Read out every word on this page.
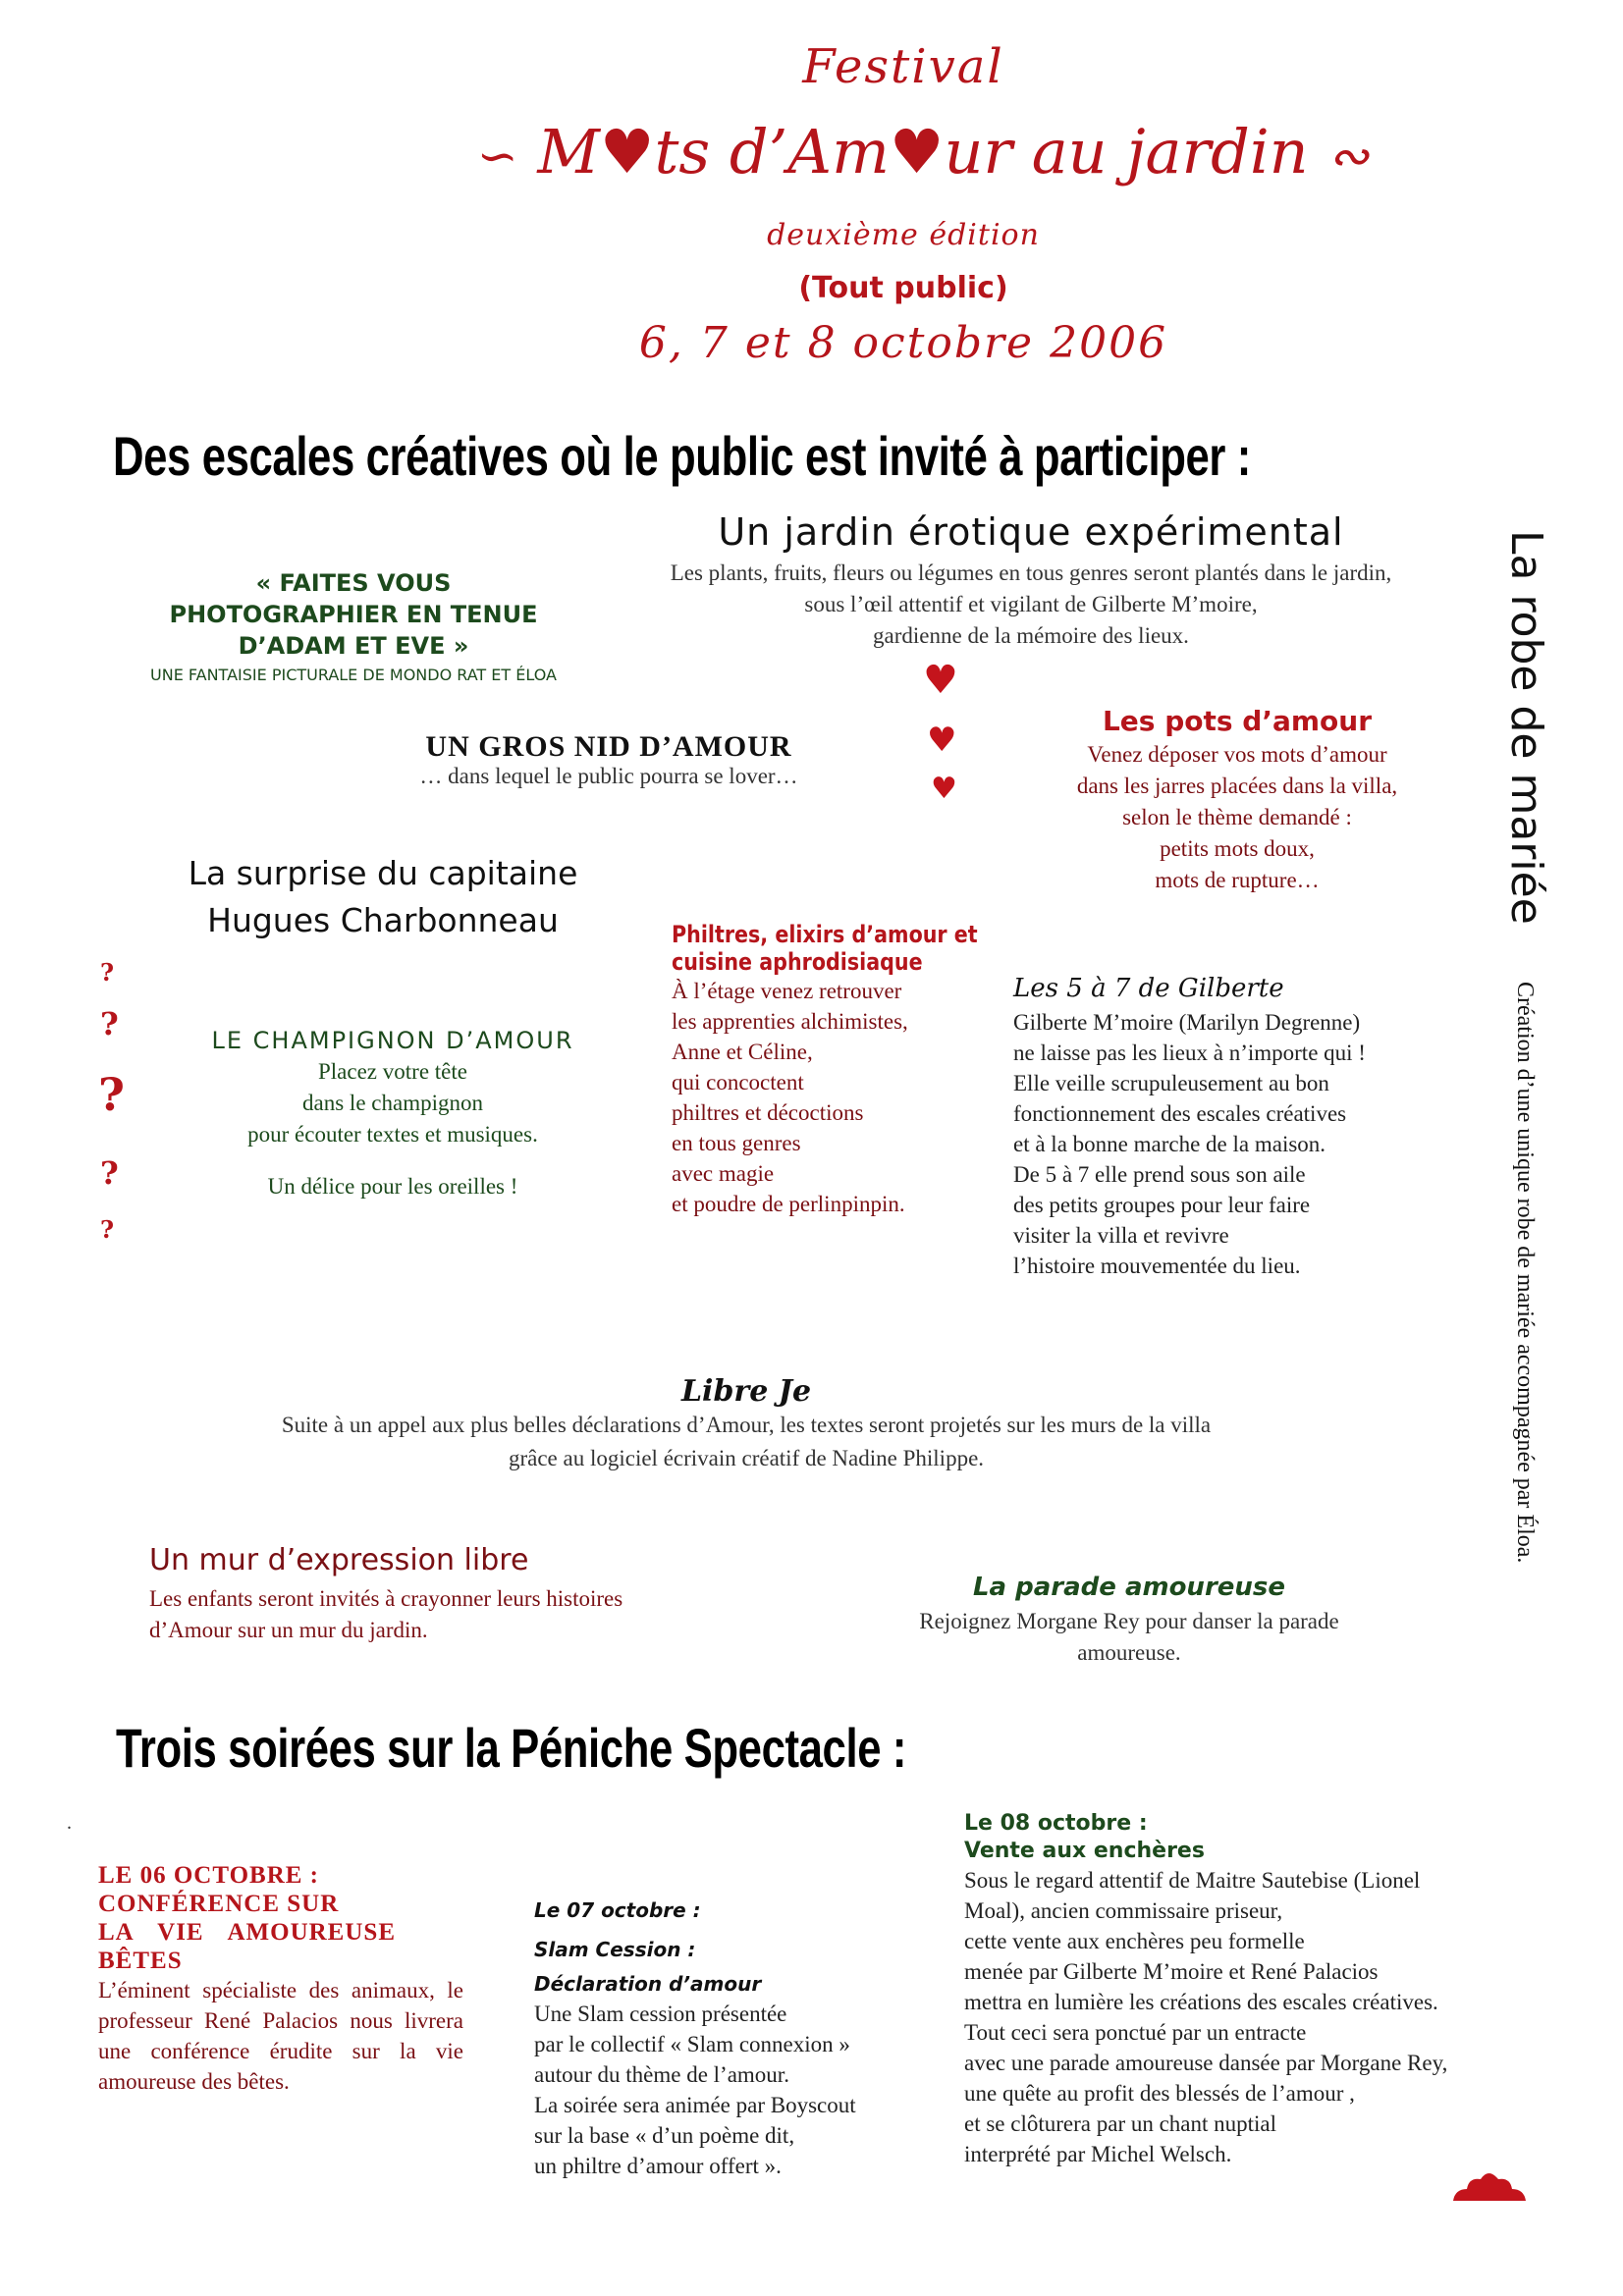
Festival
∽ M♥ts d’Am♥ur au jardin ∾
deuxième édition
(Tout public)
6, 7 et 8 octobre 2006
Des escales créatives où le public est invité à participer :
Un jardin érotique expérimental
Les plants, fruits, fleurs ou légumes en tous genres seront plantés dans le jardin,
sous l’œil attentif et vigilant de Gilberte M’moire,
gardienne de la mémoire des lieux.
« FAITES VOUS
PHOTOGRAPHIER EN TENUE
D’ADAM ET EVE »
UNE FANTAISIE PICTURALE DE MONDO RAT ET ÉLOA	♥
♥
♥
UN GROS NID D’AMOUR
… dans lequel le public pourra se lover…
Les pots d’amour
Venez déposer vos mots d’amour
dans les jarres placées dans la villa,
selon le thème demandé :
petits mots doux,
mots de rupture…
La surprise du capitaine
Hugues Charbonneau
?
?
?
?
?
LE CHAMPIGNON D’AMOUR
Placez votre tête
dans le champignon
pour écouter textes et musiques.
Un délice pour les oreilles !
Philtres, elixirs d’amour et
cuisine aphrodisiaque
À l’étage venez retrouver
les apprenties alchimistes,
Anne et Céline,
qui concoctent
philtres et décoctions
en tous genres
avec magie
et poudre de perlinpinpin.
Les 5 à 7 de Gilberte
Gilberte M’moire (Marilyn Degrenne)
ne laisse pas les lieux à n’importe qui !
Elle veille scrupuleusement au bon
fonctionnement des escales créatives
et à la bonne marche de la maison.
De 5 à 7 elle prend sous son aile
des petits groupes pour leur faire
visiter la villa et revivre
l’histoire mouvementée du lieu.
La robe de mariée
Création d’une unique robe de mariée accompagnée par Éloa.
Libre Je
Suite à un appel aux plus belles déclarations d’Amour, les textes seront projetés sur les murs de la villa
grâce au logiciel écrivain créatif de Nadine Philippe.
Un mur d’expression libre
Les enfants seront invités à crayonner leurs histoires
d’Amour sur un mur du jardin.
La parade amoureuse
Rejoignez Morgane Rey pour danser la parade
amoureuse.
Trois soirées sur la Péniche Spectacle :
.
LE 06 OCTOBRE :
CONFÉRENCE SUR
LA VIE AMOUREUSE
BÊTES
L’éminent spécialiste des animaux, le professeur René Palacios nous livrera une conférence érudite sur la vie amoureuse des bêtes.
Le 07 octobre :
Slam Cession :
Déclaration d’amour
Une Slam cession présentée
par le collectif « Slam connexion »
autour du thème de l’amour.
La soirée sera animée par Boyscout
sur la base « d’un poème dit,
un philtre d’amour offert ».
Le 08 octobre :
Vente aux enchères
Sous le regard attentif de Maitre Sautebise (Lionel
Moal), ancien commissaire priseur,
cette vente aux enchères peu formelle
menée par Gilberte M’moire et René Palacios
mettra en lumière les créations des escales créatives.
Tout ceci sera ponctué par un entracte
avec une parade amoureuse dansée par Morgane Rey,
une quête au profit des blessés de l’amour ,
et se clôturera par un chant nuptial
interprété par Michel Welsch.
